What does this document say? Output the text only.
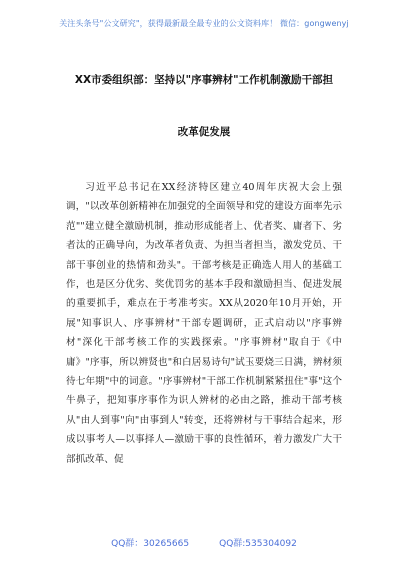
关注头条号"公文研究"，获得最新最全最专业的公文资料库！ 微信：gongwenyj
XX市委组织部：坚持以"序事辨材"工作机制激励干部担
改革促发展

习近平总书记在XX经济特区建立40周年庆祝大会上强调，"以改革创新精神在加强党的全面领导和党的建设方面率先示范""建立健全激励机制，推动形成能者上、优者奖、庸者下、劣者汰的正确导向，为改革者负责、为担当者担当，激发党员、干部干事创业的热情和劲头"。干部考核是正确选人用人的基础工作，也是区分优劣、奖优罚劣的基本手段和激励担当、促进发展的重要抓手，难点在于考准考实。XX从2020年10月开始，开展"知事识人、序事辨材"干部专题调研，正式启动以"序事辨材"深化干部考核工作的实践探索。"序事辨材"取自于《中庸》"序事，所以辨贤也"和白居易诗句"试玉要烧三日满，辨材须待七年期"中的词意。"序事辨材"干部工作机制紧紧扭住"事"这个牛鼻子，把知事序事作为识人辨材的必由之路，推动干部考核从"由人到事"向"由事到人"转变，还将辨材与干事结合起来，形成以事考人—以事择人—激励干事的良性循环，着力激发广大干部抓改革、促

QQ群：30265665	QQ群:535304092
